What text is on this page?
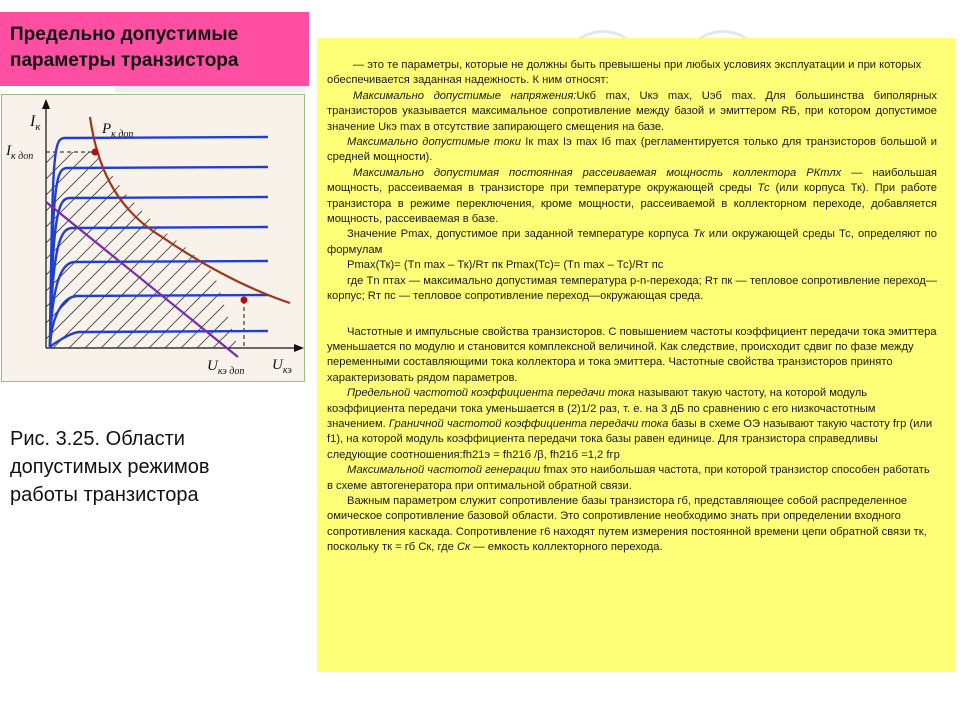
Предельно допустимые
параметры транзистора
$I_к$
$I_{к доп}$
$P_{к доп}$
$U_{кэ доп}$ $U_{кэ}$
Рис. 3.25. Области
допустимых режимов
работы транзистора

— это те параметры, которые не должны быть превышены при любых условиях эксплуатации и при которых обеспечивается заданная надежность. К ним относят:

Максимально допустимые напряжения:Uкб max, Uкэ max, Uэб max. Для большинства биполярных транзисторов указывается максимальное сопротивление между базой и эмиттером RБ, при котором допустимое значение Uкэ max в отсутствие запирающего смещения на базе.

Максимально допустимые токи Iк max Iэ max Iб max (регламентируется только для транзисторов большой и средней мощности).

Максимально допустимая постоянная рассеиваемая мощность коллектора РКтлх — наибольшая мощность, рассеиваемая в транзисторе при температуре окружающей среды Тс (или корпуса Тк). При работе транзистора в режиме переключения, кроме мощности, рассеиваемой в коллекторном переходе, добавляется мощность, рассеиваемая в базе.

Значение Pmax, допустимое при заданной температуре корпуса Тк или окружающей среды Тс, определяют по формулам

Pmax(Тк)= (Tn max – Тк)/Rт пк Pmax(Тс)= (Tn max – Тс)/Rт пс

где Tn птах — максимально допустимая температура р-n-перехода; Rт пк — тепловое сопротивление переход—корпус; Rт пс — тепловое сопротивление переход—окружающая среда.

Частотные и импульсные свойства транзисторов. С повышением частоты коэффициент передачи тока эмиттера уменьшается по модулю и становится комплексной величиной. Как следствие, происходит сдвиг по фазе между переменными составляющими тока коллектора и тока эмиттера. Частотные свойства транзисторов принято характеризовать рядом параметров.

Предельной частотой коэффициента передачи тока называют такую частоту, на которой модуль коэффициента передачи тока уменьшается в (2)1/2 раз, т. е. на 3 дБ по сравнению с его низкочастотным значением. Граничной частотой коэффициента передачи тока базы в схеме ОЭ называют такую частоту fгр (или f1), на которой модуль коэффициента передачи тока базы равен единице. Для транзистора справедливы следующие соотношения:fh21э = fh21б /β, fh21б =1,2 fгр

Максимальной частотой генерации fmax это наибольшая частота, при которой транзистор способен работать в схеме автогенератора при оптимальной обратной связи.

Важным параметром служит сопротивление базы транзистора гб, представляющее собой распределенное омическое сопротивление базовой области. Это сопротивление необходимо знать при определении входного сопротивления каскада. Сопротивление г6 находят путем измерения постоянной времени цепи обратной связи тк, поскольку тк = гб Ск, где Ск — емкость коллекторного перехода.
